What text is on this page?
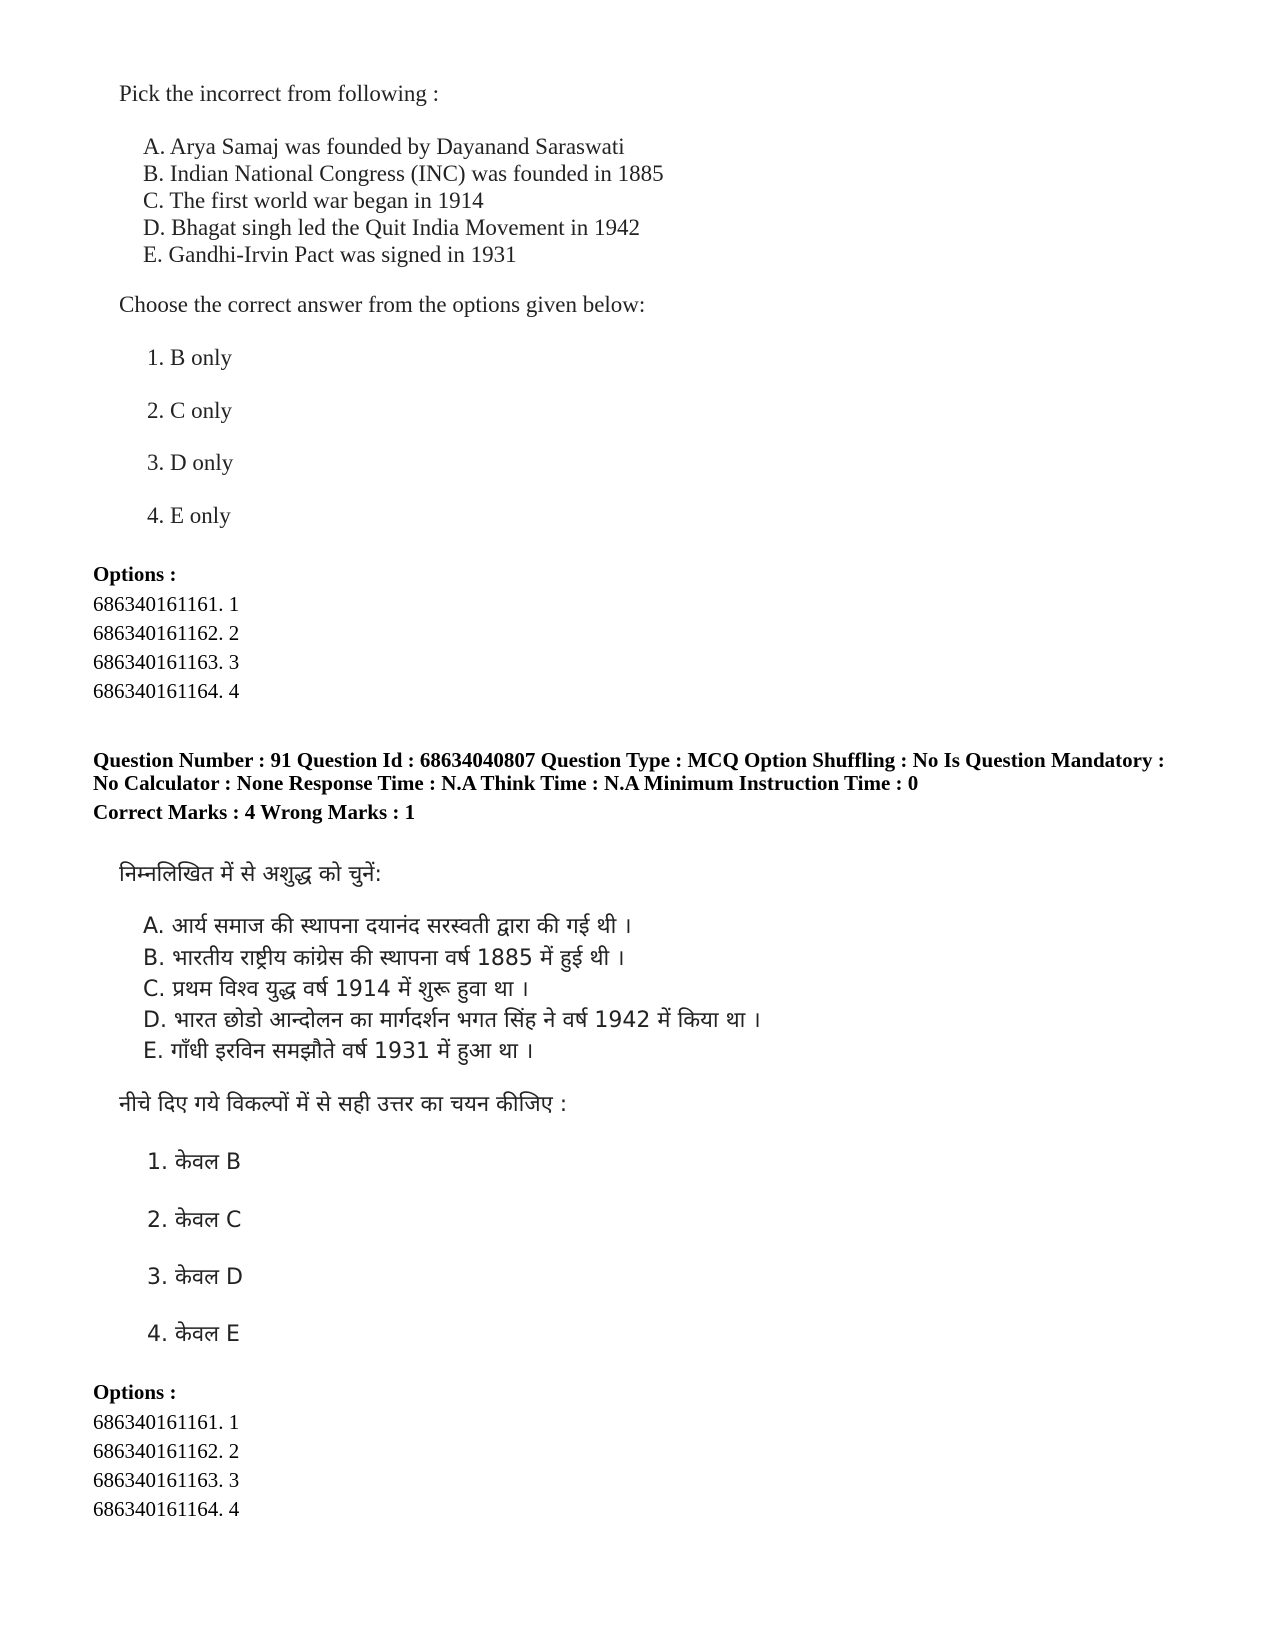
Pick the incorrect from following :
A. Arya Samaj was founded by Dayanand Saraswati
B. Indian National Congress (INC) was founded in 1885
C. The first world war began in 1914
D. Bhagat singh led the Quit India Movement in 1942
E. Gandhi-Irvin Pact was signed in 1931
Choose the correct answer from the options given below:
1. B only
2. C only
3. D only
4. E only
Options :
686340161161. 1
686340161162. 2
686340161163. 3
686340161164. 4
Question Number : 91 Question Id : 68634040807 Question Type : MCQ Option Shuffling : No Is Question Mandatory :
No Calculator : None Response Time : N.A Think Time : N.A Minimum Instruction Time : 0
Correct Marks : 4 Wrong Marks : 1
निम्नलिखित में से अशुद्ध को चुनें:
A. आर्य समाज की स्थापना दयानंद सरस्वती द्वारा की गई थी ।
B. भारतीय राष्ट्रीय कांग्रेस की स्थापना वर्ष 1885 में हुई थी ।
C. प्रथम विश्व युद्ध वर्ष 1914 में शुरू हुवा था ।
D. भारत छोडो आन्दोलन का मार्गदर्शन भगत सिंह ने वर्ष 1942 में किया था ।
E. गाँधी इरविन समझौते वर्ष 1931 में हुआ था ।
नीचे दिए गये विकल्पों में से सही उत्तर का चयन कीजिए :
1. केवल B
2. केवल C
3. केवल D
4. केवल E
Options :
686340161161. 1
686340161162. 2
686340161163. 3
686340161164. 4
